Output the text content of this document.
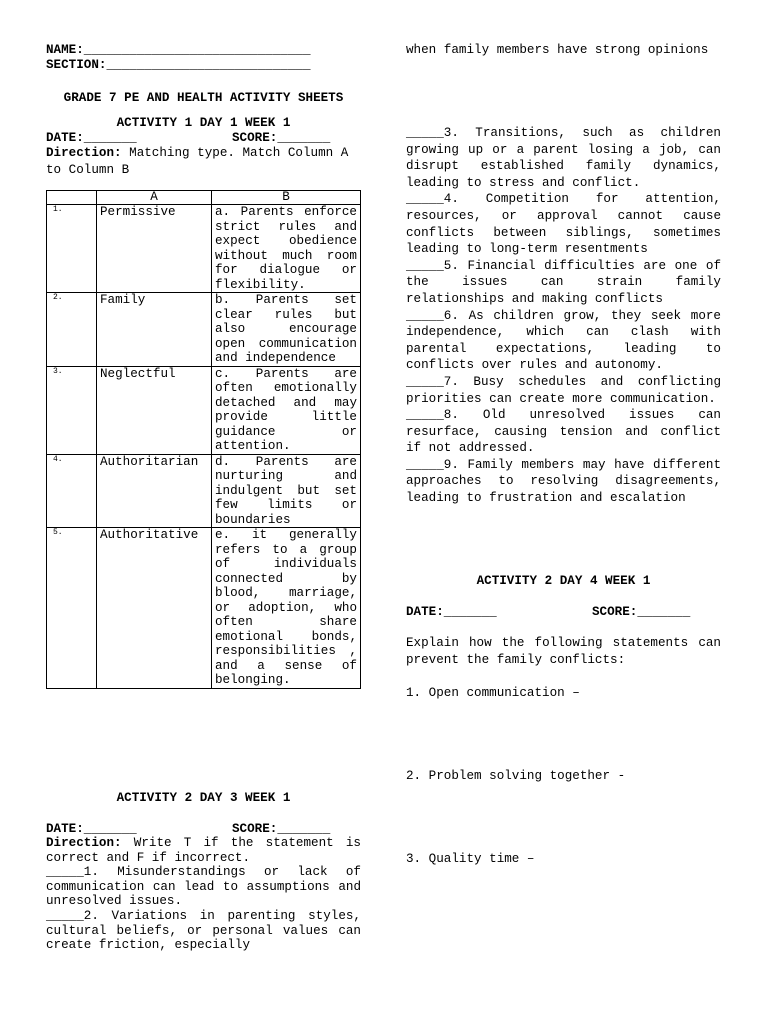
NAME:______________________________
SECTION:___________________________
GRADE 7 PE AND HEALTH ACTIVITY SHEETS
ACTIVITY 1 DAY 1 WEEK 1
DATE:_______	SCORE:_______
Direction: Matching type. Match Column A to Column B
	A	B
1.	Permissive	a. Parents enforce strict rules and expect obedience without much room for dialogue or flexibility.
2.	Family	b. Parents set clear rules but also encourage open communication and independence
3.	Neglectful	c. Parents are often emotionally detached and may provide little guidance or attention.
4.	Authoritarian	d. Parents are nurturing and indulgent but set few limits or boundaries
5.	Authoritative	e. it generally refers to a group of individuals connected by blood, marriage, or adoption, who often share emotional bonds, responsibilities , and a sense of belonging.
ACTIVITY 2 DAY 3 WEEK 1
DATE:_______	SCORE:_______

Direction: Write T if the statement is correct and F if incorrect.

_____1. Misunderstandings or lack of communication can lead to assumptions and unresolved issues.

_____2. Variations in parenting styles, cultural beliefs, or personal values can create friction, especially

when family members have strong opinions

_____3. Transitions, such as children growing up or a parent losing a job, can disrupt established family dynamics, leading to stress and conflict.

_____4. Competition for attention, resources, or approval cannot cause conflicts between siblings, sometimes leading to long-term resentments

_____5. Financial difficulties are one of the issues can strain family relationships and making conflicts

_____6. As children grow, they seek more independence, which can clash with parental expectations, leading to conflicts over rules and autonomy.

_____7. Busy schedules and conflicting priorities can create more communication.

_____8. Old unresolved issues can resurface, causing tension and conflict if not addressed.

_____9. Family members may have different approaches to resolving disagreements, leading to frustration and escalation

ACTIVITY 2 DAY 4 WEEK 1
DATE:_______	SCORE:_______
Explain how the following statements can prevent the family conflicts:
1. Open communication –
2. Problem solving together -
3. Quality time –
